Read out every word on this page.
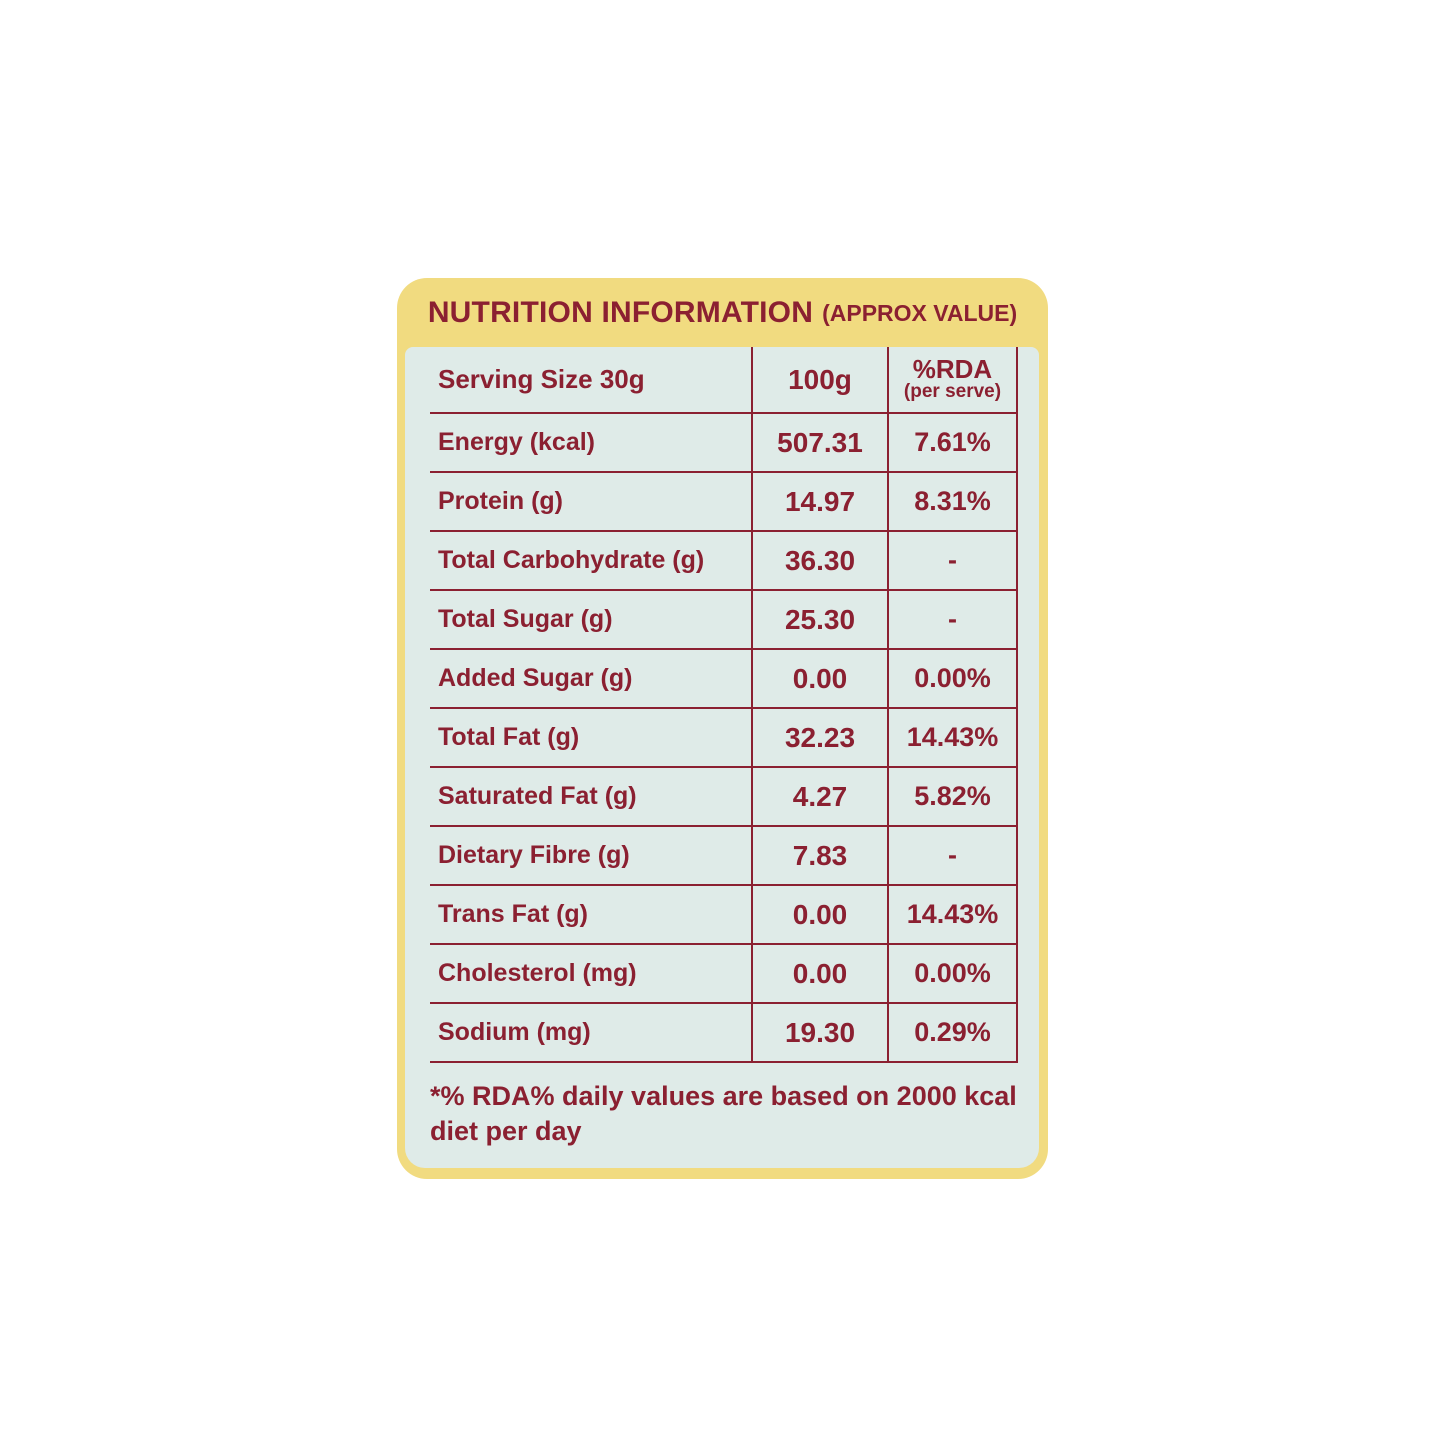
NUTRITION INFORMATION (APPROX VALUE)
Serving Size 30g	100g	%RDA
(per serve)

Energy (kcal)	507.31	7.61%
Protein (g)	14.97	8.31%
Total Carbohydrate (g)	36.30	-
Total Sugar (g)	25.30	-
Added Sugar (g)	0.00	0.00%
Total Fat (g)	32.23	14.43%
Saturated Fat (g)	4.27	5.82%
Dietary Fibre (g)	7.83	-
Trans Fat (g)	0.00	14.43%
Cholesterol (mg)	0.00	0.00%
Sodium (mg)	19.30	0.29%
*% RDA% daily values are based on 2000 kcal diet per day
